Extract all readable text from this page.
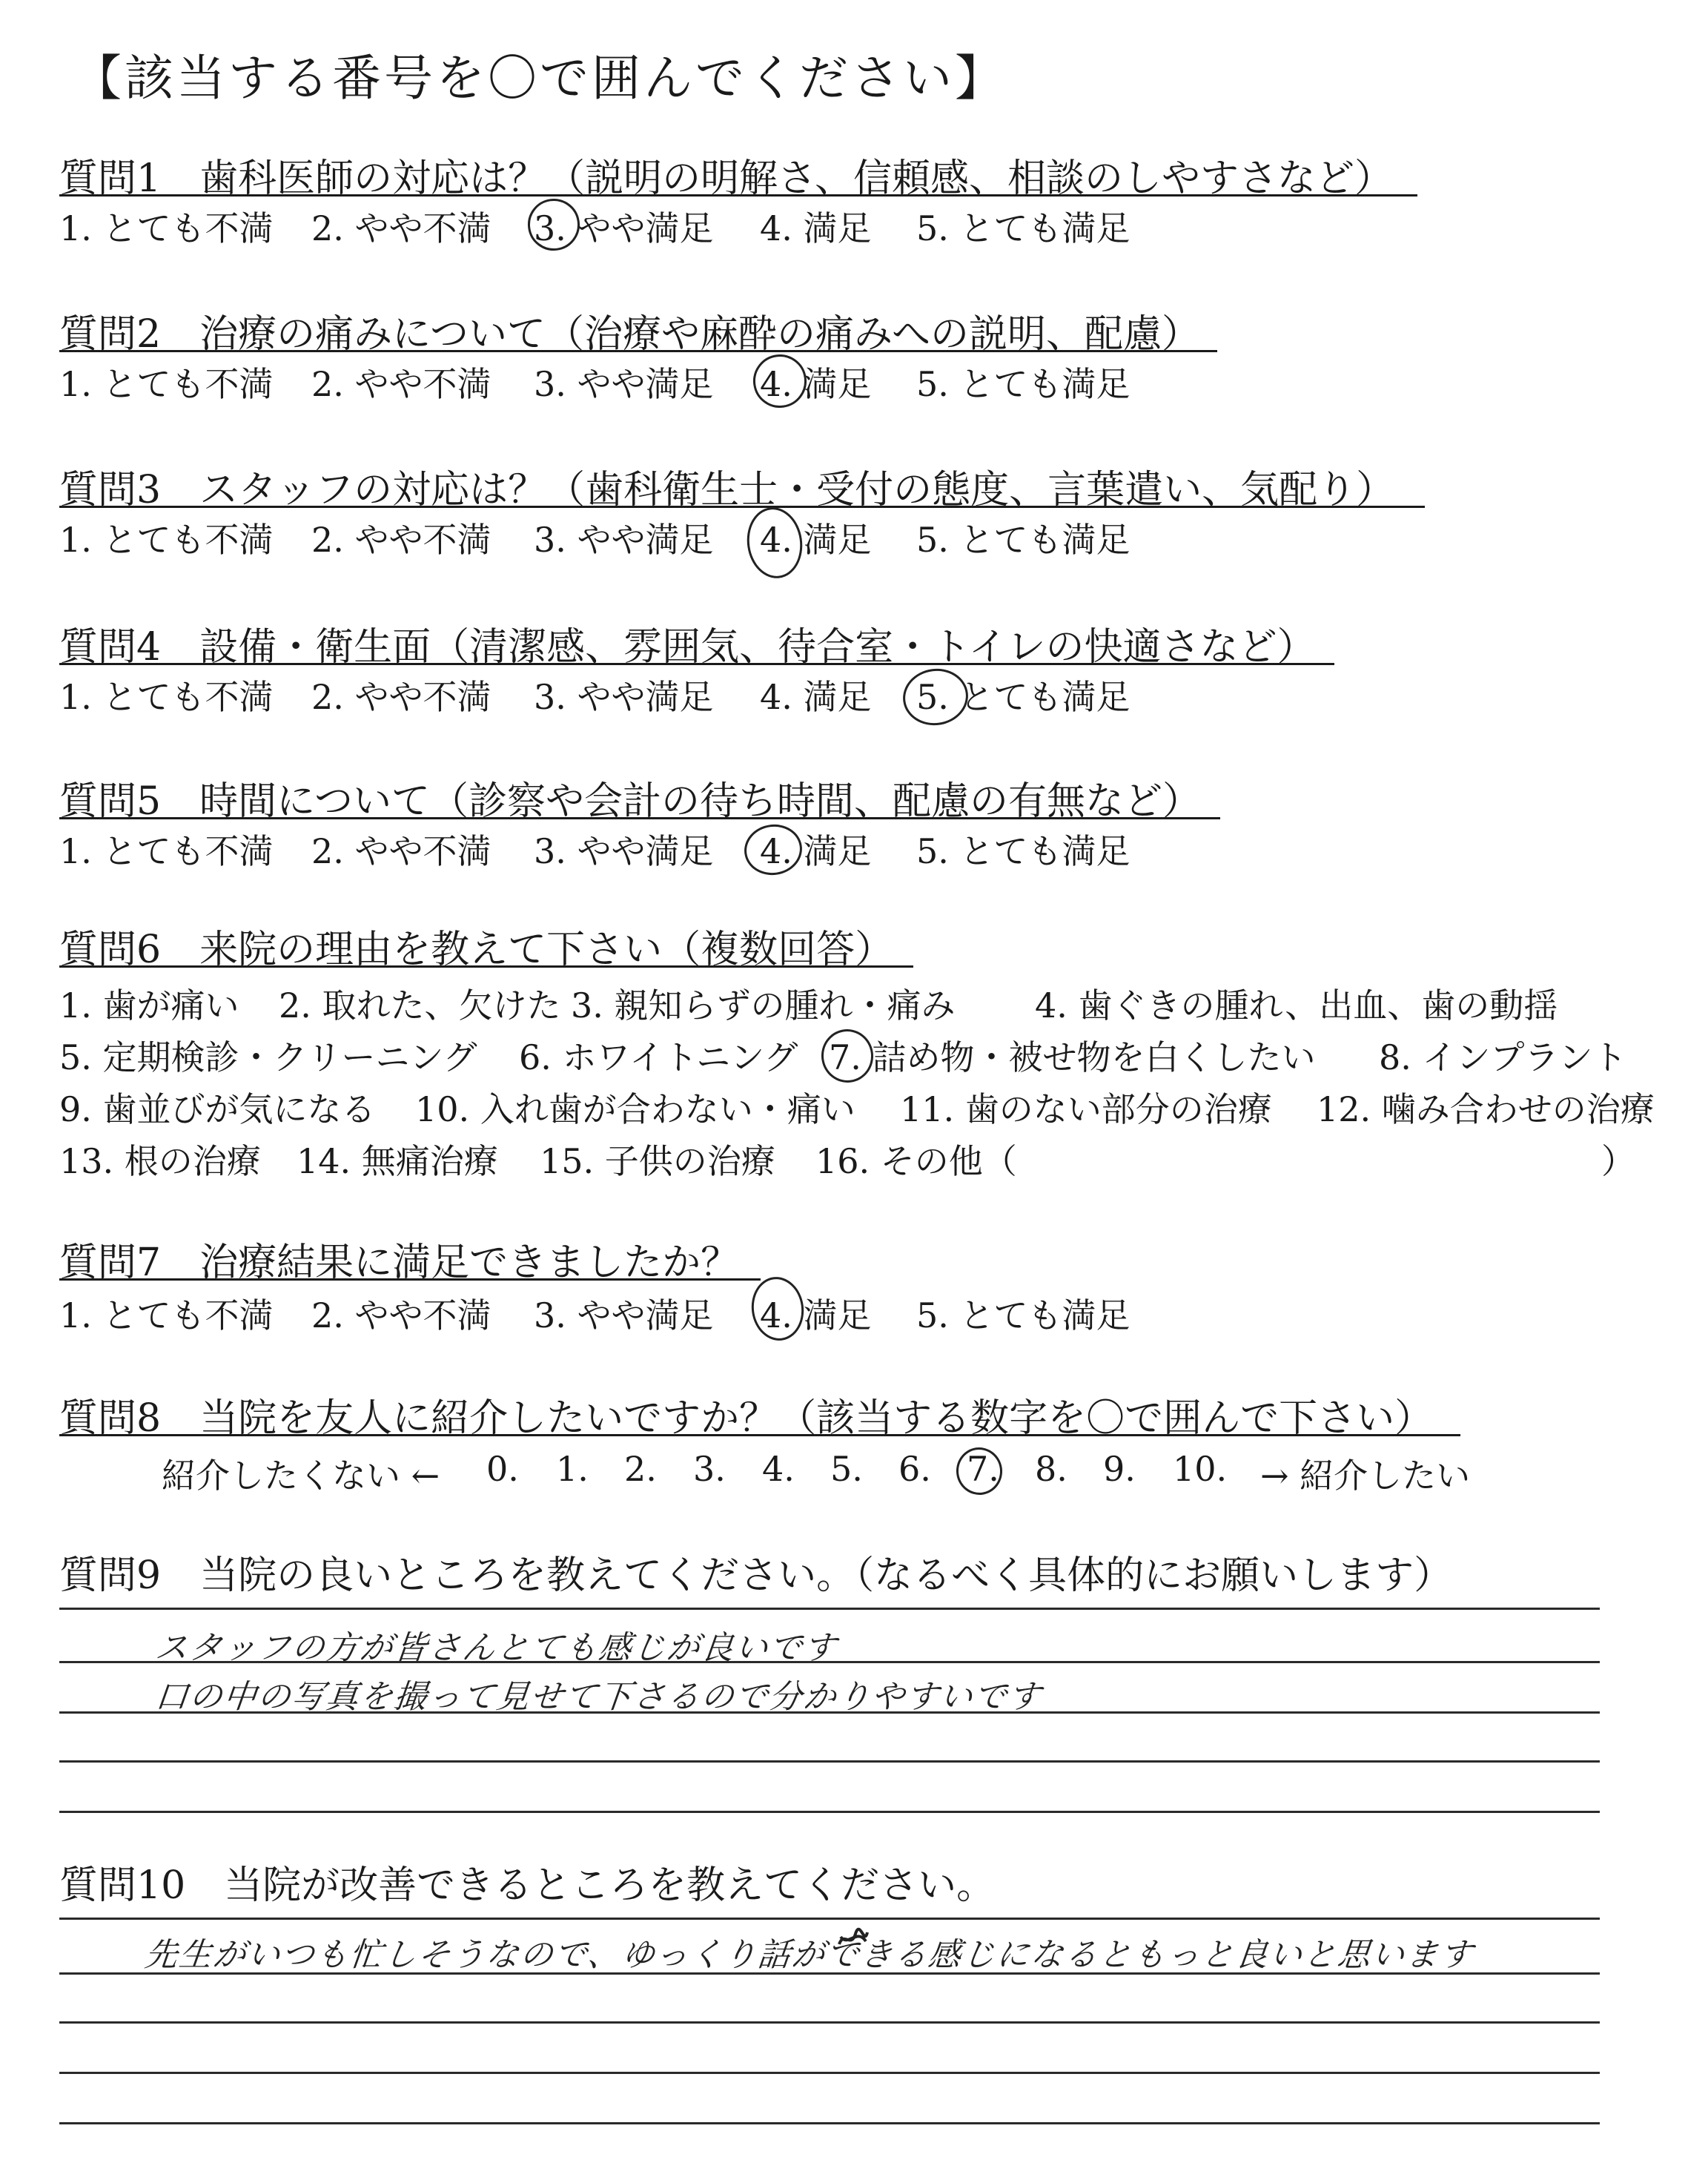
【該当する番号を〇で囲んでください】
質問1　歯科医師の対応は？（説明の明解さ、信頼感、相談のしやすさなど）
1. とても不満 2. やや不満 3. やや満足 4. 満足 5. とても満足
質問2　治療の痛みについて（治療や麻酔の痛みへの説明、配慮）
1. とても不満 2. やや不満 3. やや満足 4. 満足 5. とても満足
質問3　スタッフの対応は？（歯科衛生士・受付の態度、言葉遣い、気配り）
1. とても不満 2. やや不満 3. やや満足 4. 満足 5. とても満足
質問4　設備・衛生面（清潔感、雰囲気、待合室・トイレの快適さなど）
1. とても不満 2. やや不満 3. やや満足 4. 満足 5. とても満足
質問5　時間について（診察や会計の待ち時間、配慮の有無など）
1. とても不満 2. やや不満 3. やや満足 4. 満足 5. とても満足
質問6　来院の理由を教えて下さい（複数回答）
1. 歯が痛い 2. 取れた、欠けた 3. 親知らずの腫れ・痛み 4. 歯ぐきの腫れ、出血、歯の動揺
5. 定期検診・クリーニング 6. ホワイトニング 7. 詰め物・被せ物を白くしたい 8. インプラント
9. 歯並びが気になる 10. 入れ歯が合わない・痛い 11. 歯のない部分の治療 12. 噛み合わせの治療
13. 根の治療 14. 無痛治療 15. 子供の治療 16. その他（	）
質問7　治療結果に満足できましたか？
1. とても不満 2. やや不満 3. やや満足 4. 満足 5. とても満足
質問8　当院を友人に紹介したいですか？（該当する数字を〇で囲んで下さい）
紹介したくない ← 0. 1. 2. 3. 4. 5. 6. 7. 8. 9. 10. → 紹介したい
質問9　当院の良いところを教えてください。（なるべく具体的にお願いします）
スタッフの方が皆さんとても感じが良いです
口の中の写真を撮って見せて下さるので分かりやすいです
質問10　当院が改善できるところを教えてください。
先生がいつも忙しそうなので、ゆっくり話ができる感じになるともっと良いと思います
